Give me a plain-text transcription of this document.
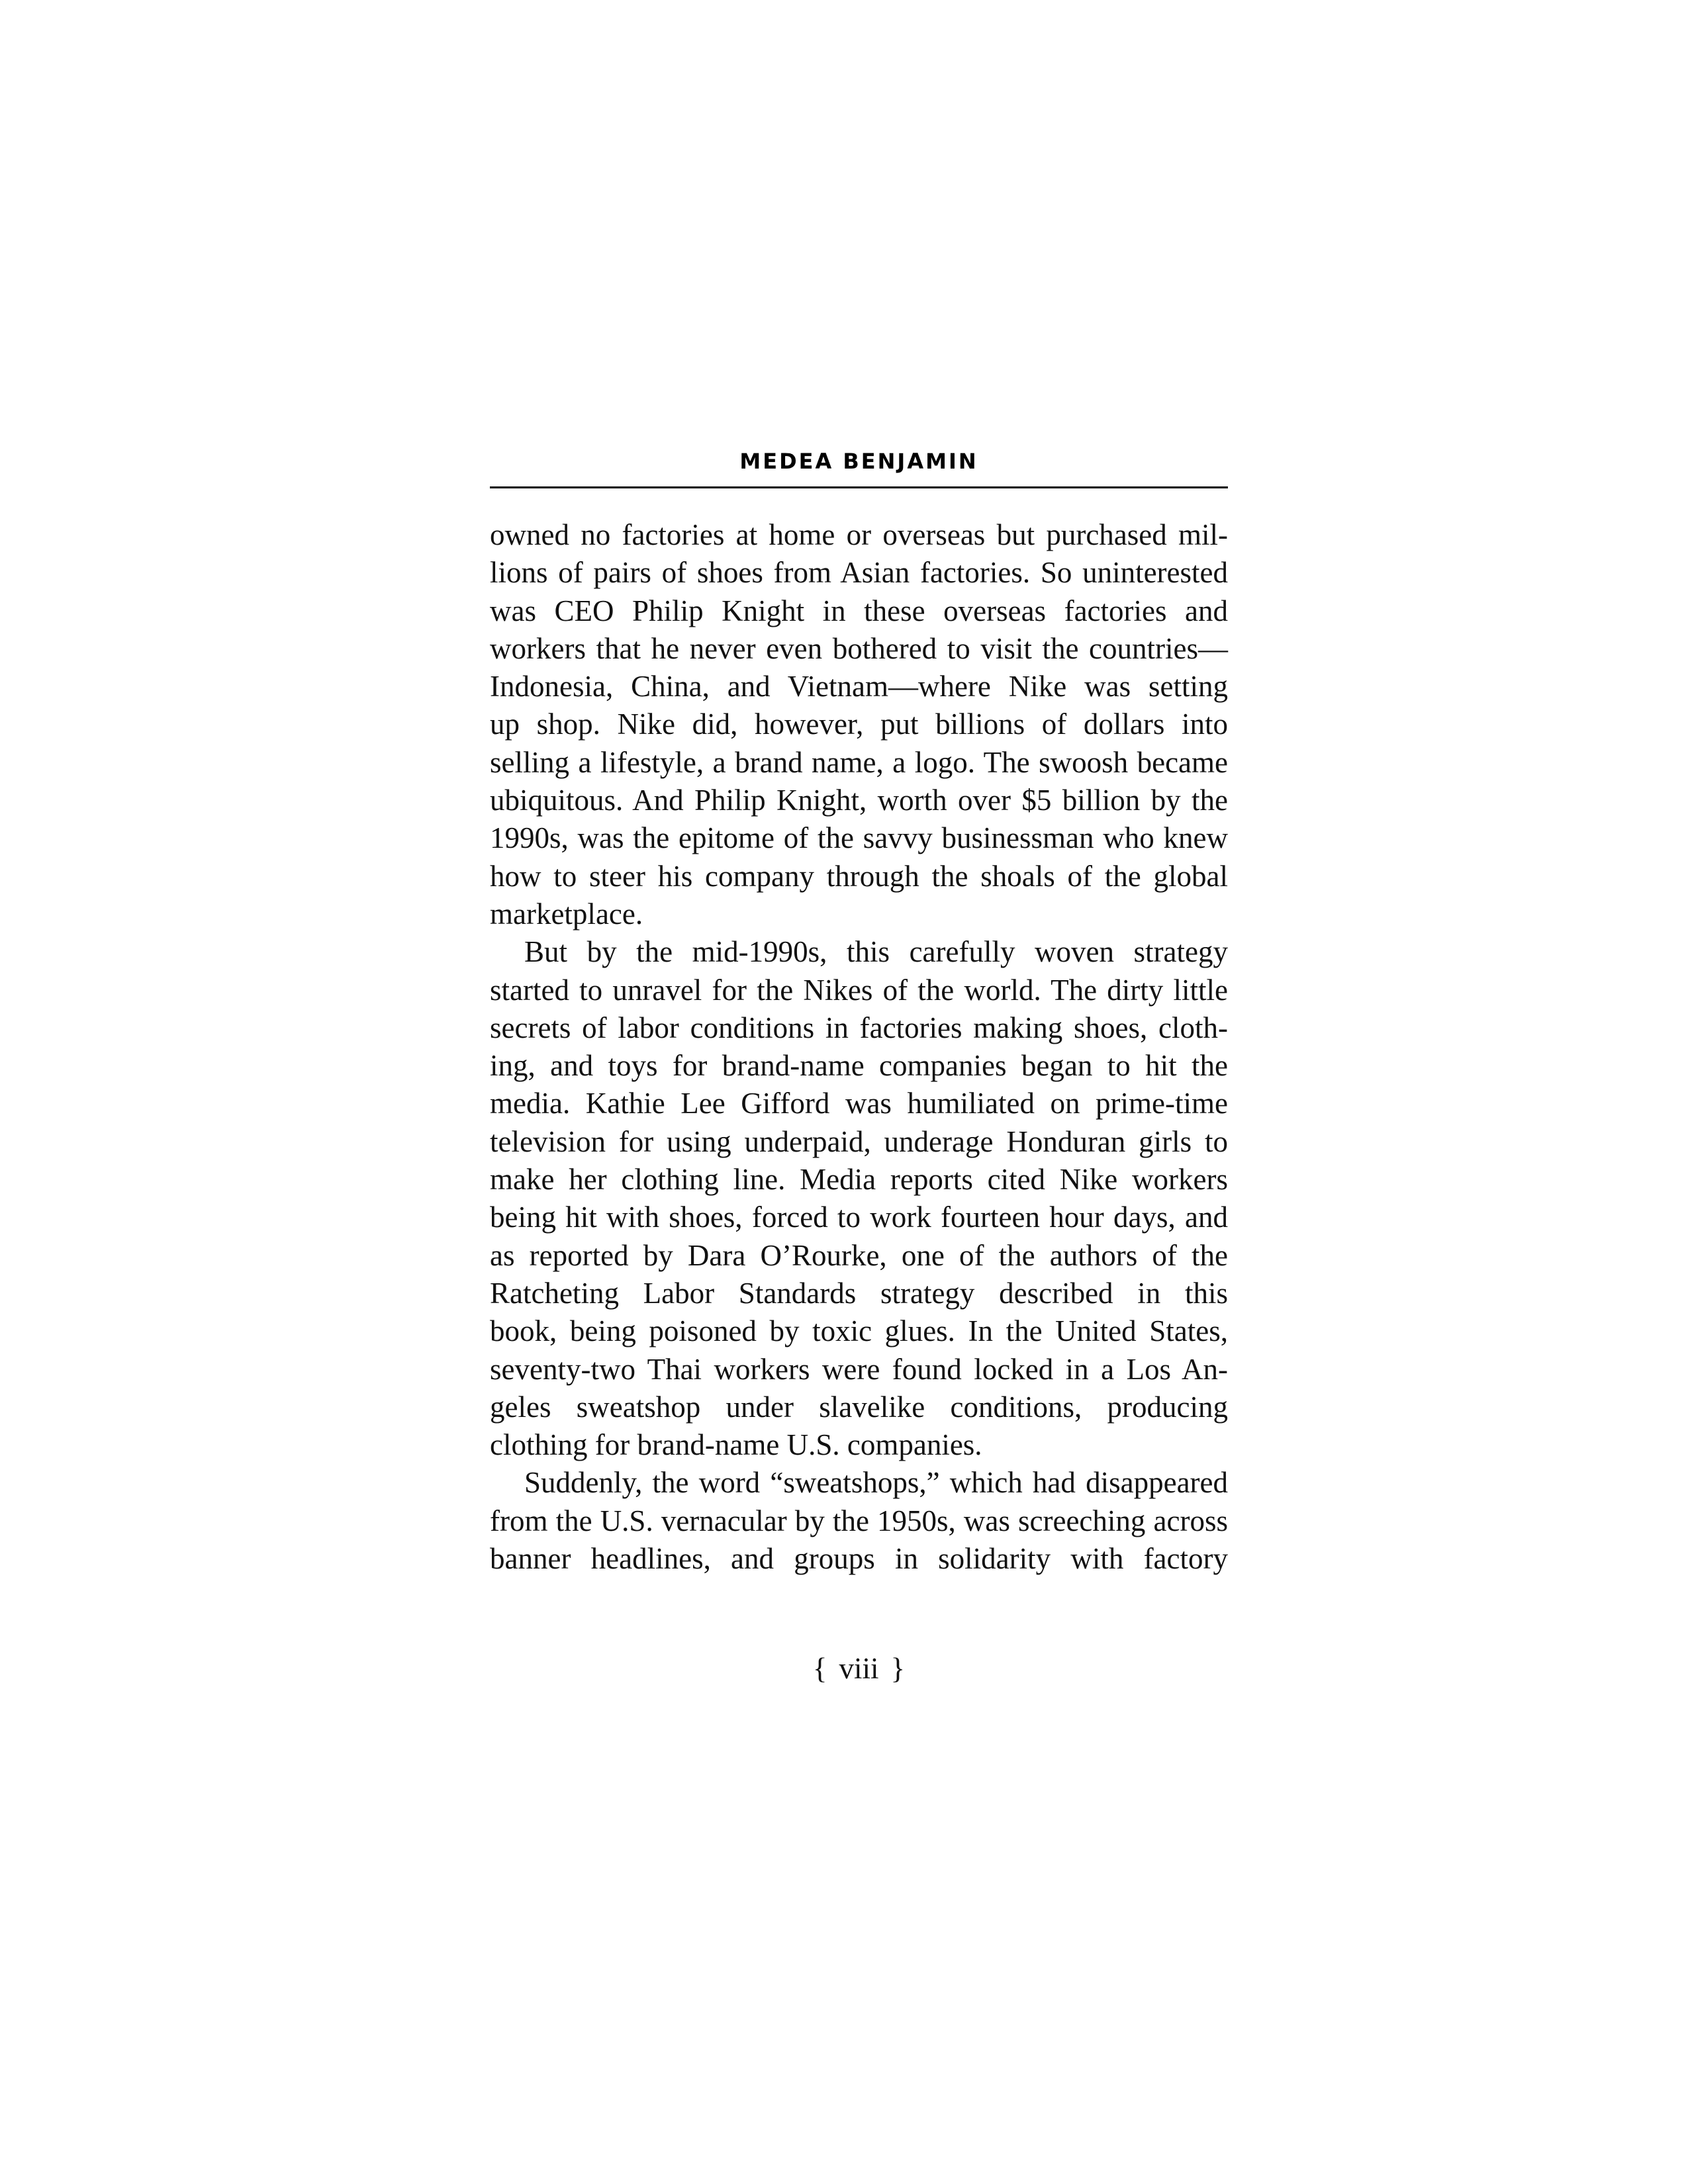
MEDEA BENJAMIN
owned no factories at home or overseas but purchased mil-
lions of pairs of shoes from Asian factories. So uninterested
was CEO Philip Knight in these overseas factories and
workers that he never even bothered to visit the countries—
Indonesia, China, and Vietnam—where Nike was setting
up shop. Nike did, however, put billions of dollars into
selling a lifestyle, a brand name, a logo. The swoosh became
ubiquitous. And Philip Knight, worth over $5 billion by the
1990s, was the epitome of the savvy businessman who knew
how to steer his company through the shoals of the global
marketplace.
But by the mid-1990s, this carefully woven strategy
started to unravel for the Nikes of the world. The dirty little
secrets of labor conditions in factories making shoes, cloth-
ing, and toys for brand-name companies began to hit the
media. Kathie Lee Gifford was humiliated on prime-time
television for using underpaid, underage Honduran girls to
make her clothing line. Media reports cited Nike workers
being hit with shoes, forced to work fourteen hour days, and
as reported by Dara O’Rourke, one of the authors of the
Ratcheting Labor Standards strategy described in this
book, being poisoned by toxic glues. In the United States,
seventy-two Thai workers were found locked in a Los An-
geles sweatshop under slavelike conditions, producing
clothing for brand-name U.S. companies.
Suddenly, the word “sweatshops,” which had disappeared
from the U.S. vernacular by the 1950s, was screeching across
banner headlines, and groups in solidarity with factory
{ viii }
